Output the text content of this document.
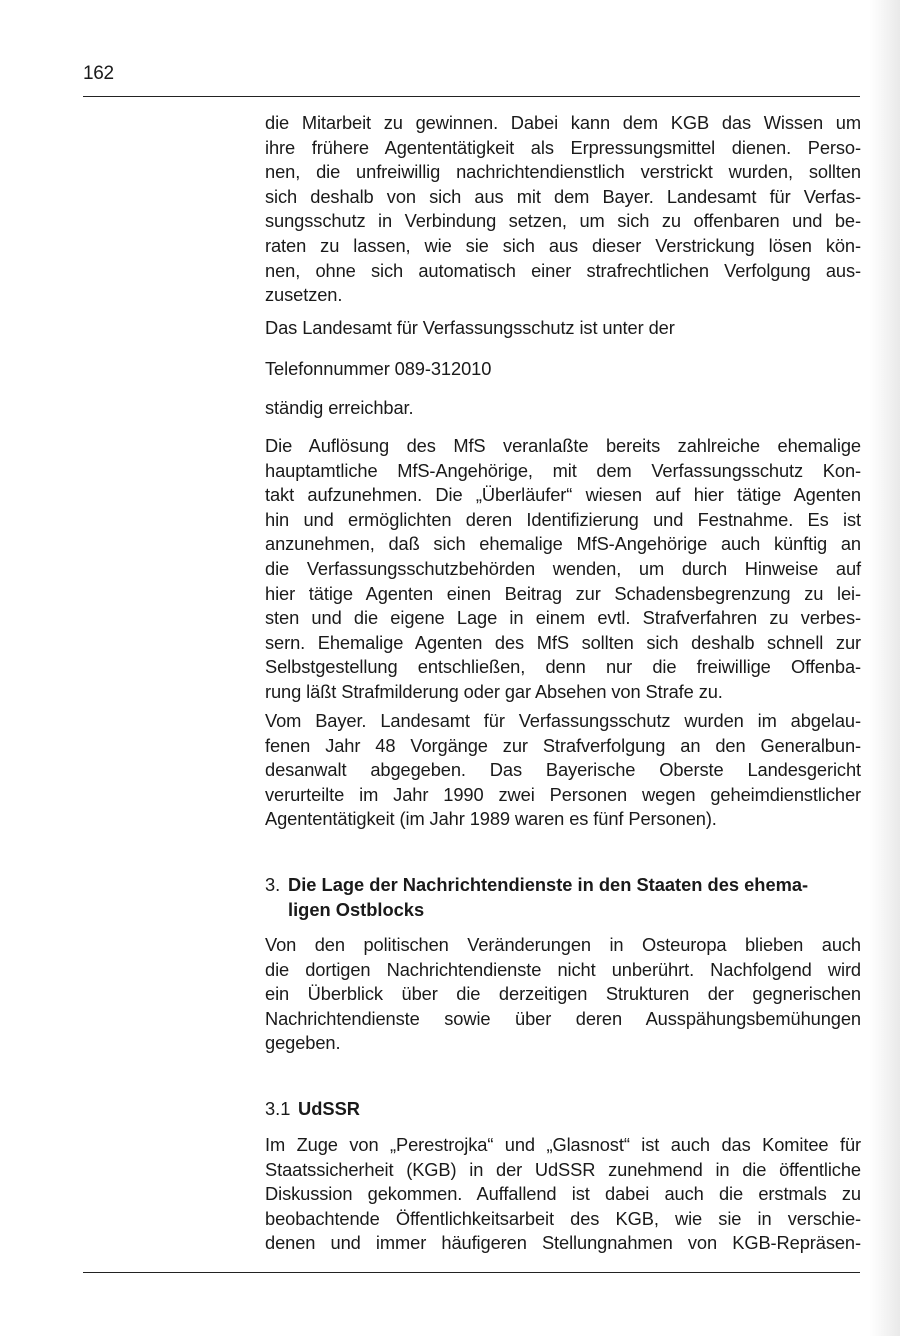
162
die Mitarbeit zu gewinnen. Dabei kann dem KGB das Wissen um
ihre frühere Agententätigkeit als Erpressungsmittel dienen. Perso-
nen, die unfreiwillig nachrichtendienstlich verstrickt wurden, sollten
sich deshalb von sich aus mit dem Bayer. Landesamt für Verfas-
sungsschutz in Verbindung setzen, um sich zu offenbaren und be-
raten zu lassen, wie sie sich aus dieser Verstrickung lösen kön-
nen, ohne sich automatisch einer strafrechtlichen Verfolgung aus-
zusetzen.
Das Landesamt für Verfassungsschutz ist unter der
Telefonnummer 089-312010
ständig erreichbar.
Die Auflösung des MfS veranlaßte bereits zahlreiche ehemalige
hauptamtliche MfS-Angehörige, mit dem Verfassungsschutz Kon-
takt aufzunehmen. Die „Überläufer“ wiesen auf hier tätige Agenten
hin und ermöglichten deren Identifizierung und Festnahme. Es ist
anzunehmen, daß sich ehemalige MfS-Angehörige auch künftig an
die Verfassungsschutzbehörden wenden, um durch Hinweise auf
hier tätige Agenten einen Beitrag zur Schadensbegrenzung zu lei-
sten und die eigene Lage in einem evtl. Strafverfahren zu verbes-
sern. Ehemalige Agenten des MfS sollten sich deshalb schnell zur
Selbstgestellung entschließen, denn nur die freiwillige Offenba-
rung läßt Strafmilderung oder gar Absehen von Strafe zu.
Vom Bayer. Landesamt für Verfassungsschutz wurden im abgelau-
fenen Jahr 48 Vorgänge zur Strafverfolgung an den Generalbun-
desanwalt abgegeben. Das Bayerische Oberste Landesgericht
verurteilte im Jahr 1990 zwei Personen wegen geheimdienstlicher
Agententätigkeit (im Jahr 1989 waren es fünf Personen).
3. Die Lage der Nachrichtendienste in den Staaten des ehema-
ligen Ostblocks
Von den politischen Veränderungen in Osteuropa blieben auch
die dortigen Nachrichtendienste nicht unberührt. Nachfolgend wird
ein Überblick über die derzeitigen Strukturen der gegnerischen
Nachrichtendienste sowie über deren Ausspähungsbemühungen
gegeben.
3.1 UdSSR
Im Zuge von „Perestrojka“ und „Glasnost“ ist auch das Komitee für
Staatssicherheit (KGB) in der UdSSR zunehmend in die öffentliche
Diskussion gekommen. Auffallend ist dabei auch die erstmals zu
beobachtende Öffentlichkeitsarbeit des KGB, wie sie in verschie-
denen und immer häufigeren Stellungnahmen von KGB-Repräsen-
